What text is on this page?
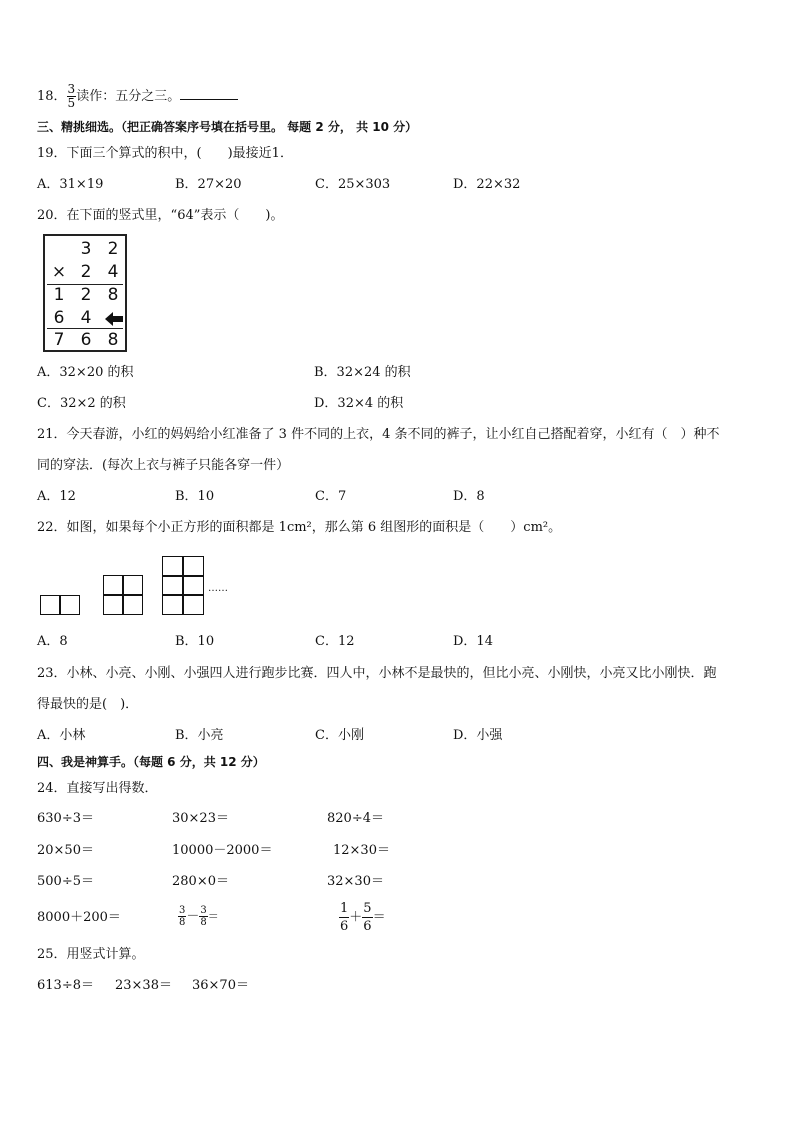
18． $\frac{3}{5}$ 读作：五分之三。
三、精挑细选。（把正确答案序号填在括号里。 每题 2 分， 共 10 分）
19．下面三个算式的积中，(　　)最接近1．
A．31×19	B．27×20	C．25×303	D．22×32
20．在下面的竖式里，“64”表示（　　)。
3 2
× 2 4
1 2 8
6 4
7 6 8
A．32×20 的积	B．32×24 的积
C．32×2 的积	D．32×4 的积
21．今天春游，小红的妈妈给小红准备了 3 件不同的上衣，4 条不同的裤子，让小红自己搭配着穿，小红有（　）种不
同的穿法．(每次上衣与裤子只能各穿一件）
A．12	B．10	C．7	D．8
22．如图，如果每个小正方形的面积都是 1cm²，那么第 6 组图形的面积是（　　）cm²。
……
A．8	B．10	C．12	D．14
23．小林、小亮、小刚、小强四人进行跑步比赛．四人中，小林不是最快的，但比小亮、小刚快，小亮又比小刚快．跑
得最快的是(　)．
A．小林	B．小亮	C．小刚	D．小强
四、我是神算手。（每题 6 分，共 12 分）
24．直接写出得数．
630÷3＝	30×23＝	820÷4＝
20×50＝	10000－2000＝	12×30＝
500÷5＝	280×0＝	32×30＝
8000＋200＝	$\frac{3}{8} - \frac{3}{8}$ ＝	$\frac{1}{6} + \frac{5}{6}$ ＝
25．用竖式计算。
613÷8＝ 23×38＝ 36×70＝
